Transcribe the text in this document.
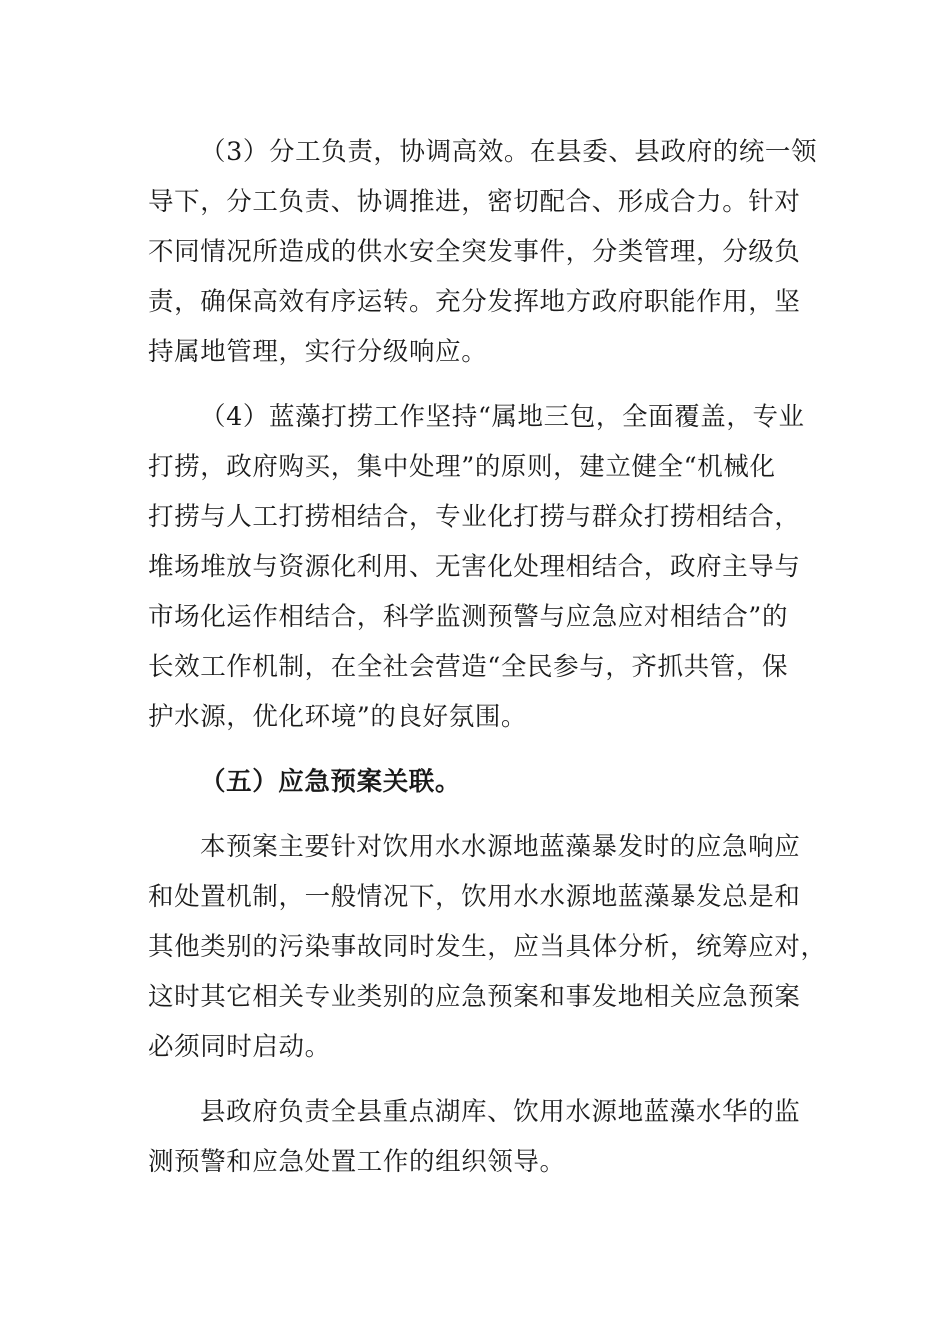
（3）分工负责，协调高效。在县委、县政府的统一领
导下，分工负责、协调推进，密切配合、形成合力。针对
不同情况所造成的供水安全突发事件，分类管理，分级负
责，确保高效有序运转。充分发挥地方政府职能作用，坚
持属地管理，实行分级响应。
（4）蓝藻打捞工作坚持“属地三包，全面覆盖，专业
打捞，政府购买，集中处理”的原则，建立健全“机械化
打捞与人工打捞相结合，专业化打捞与群众打捞相结合，
堆场堆放与资源化利用、无害化处理相结合，政府主导与
市场化运作相结合，科学监测预警与应急应对相结合”的
长效工作机制，在全社会营造“全民参与，齐抓共管，保
护水源，优化环境”的良好氛围。
（五）应急预案关联。
本预案主要针对饮用水水源地蓝藻暴发时的应急响应
和处置机制，一般情况下，饮用水水源地蓝藻暴发总是和
其他类别的污染事故同时发生，应当具体分析，统筹应对，
这时其它相关专业类别的应急预案和事发地相关应急预案
必须同时启动。
县政府负责全县重点湖库、饮用水源地蓝藻水华的监
测预警和应急处置工作的组织领导。
